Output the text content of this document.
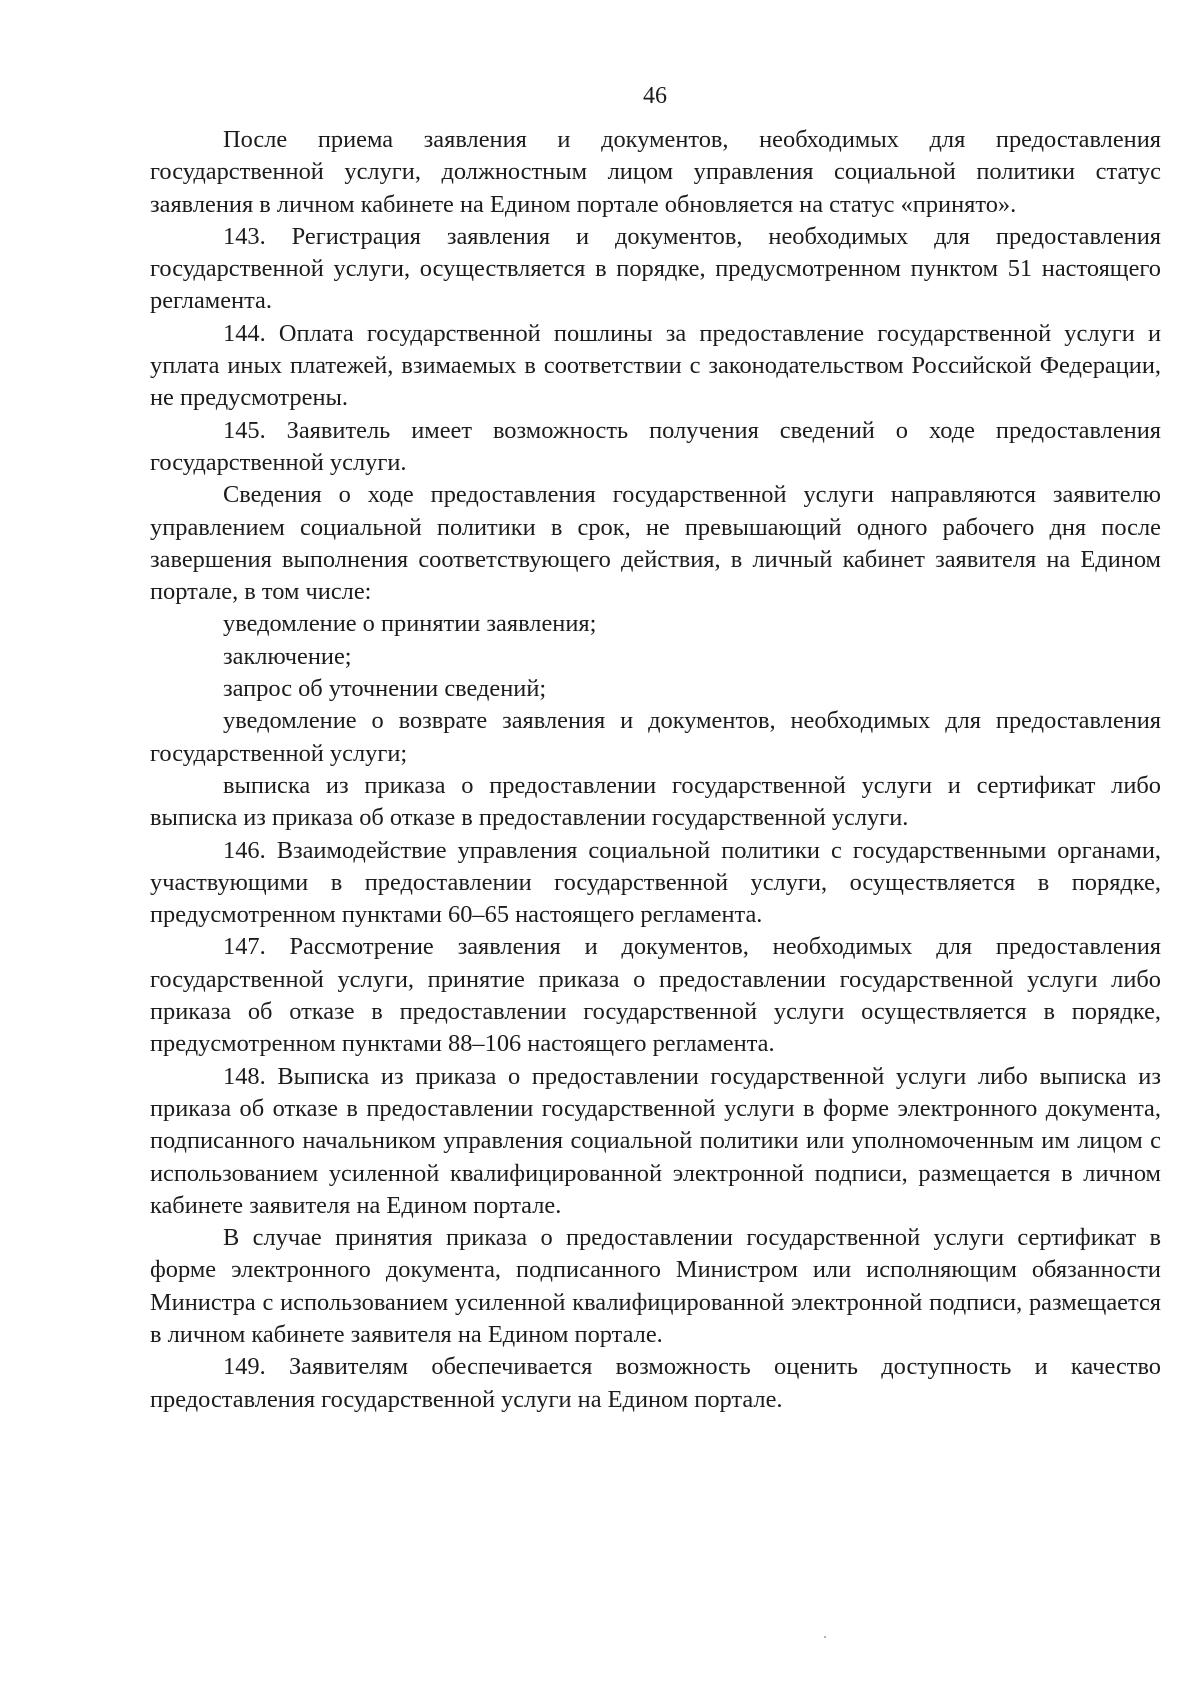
46

После приема заявления и документов, необходимых для предоставления государственной услуги, должностным лицом управления социальной политики статус заявления в личном кабинете на Едином портале обновляется на статус «принято».

143. Регистрация заявления и документов, необходимых для предоставления государственной услуги, осуществляется в порядке, предусмотренном пунктом 51 настоящего регламента.

144. Оплата государственной пошлины за предоставление государственной услуги и уплата иных платежей, взимаемых в соответствии с законодательством Российской Федерации, не предусмотрены.

145. Заявитель имеет возможность получения сведений о ходе предоставления государственной услуги.

Сведения о ходе предоставления государственной услуги направляются заявителю управлением социальной политики в срок, не превышающий одного рабочего дня после завершения выполнения соответствующего действия, в личный кабинет заявителя на Едином портале, в том числе:

уведомление о принятии заявления;

заключение;

запрос об уточнении сведений;

уведомление о возврате заявления и документов, необходимых для предоставления государственной услуги;

выписка из приказа о предоставлении государственной услуги и сертификат либо выписка из приказа об отказе в предоставлении государственной услуги.

146. Взаимодействие управления социальной политики с государственными органами, участвующими в предоставлении государственной услуги, осуществляется в порядке, предусмотренном пунктами 60–65 настоящего регламента.

147. Рассмотрение заявления и документов, необходимых для предоставления государственной услуги, принятие приказа о предоставлении государственной услуги либо приказа об отказе в предоставлении государственной услуги осуществляется в порядке, предусмотренном пунктами 88–106 настоящего регламента.

148. Выписка из приказа о предоставлении государственной услуги либо выписка из приказа об отказе в предоставлении государственной услуги в форме электронного документа, подписанного начальником управления социальной политики или уполномоченным им лицом с использованием усиленной квалифицированной электронной подписи, размещается в личном кабинете заявителя на Едином портале.

В случае принятия приказа о предоставлении государственной услуги сертификат в форме электронного документа, подписанного Министром или исполняющим обязанности Министра с использованием усиленной квалифицированной электронной подписи, размещается в личном кабинете заявителя на Едином портале.

149. Заявителям обеспечивается возможность оценить доступность и качество предоставления государственной услуги на Едином портале.
